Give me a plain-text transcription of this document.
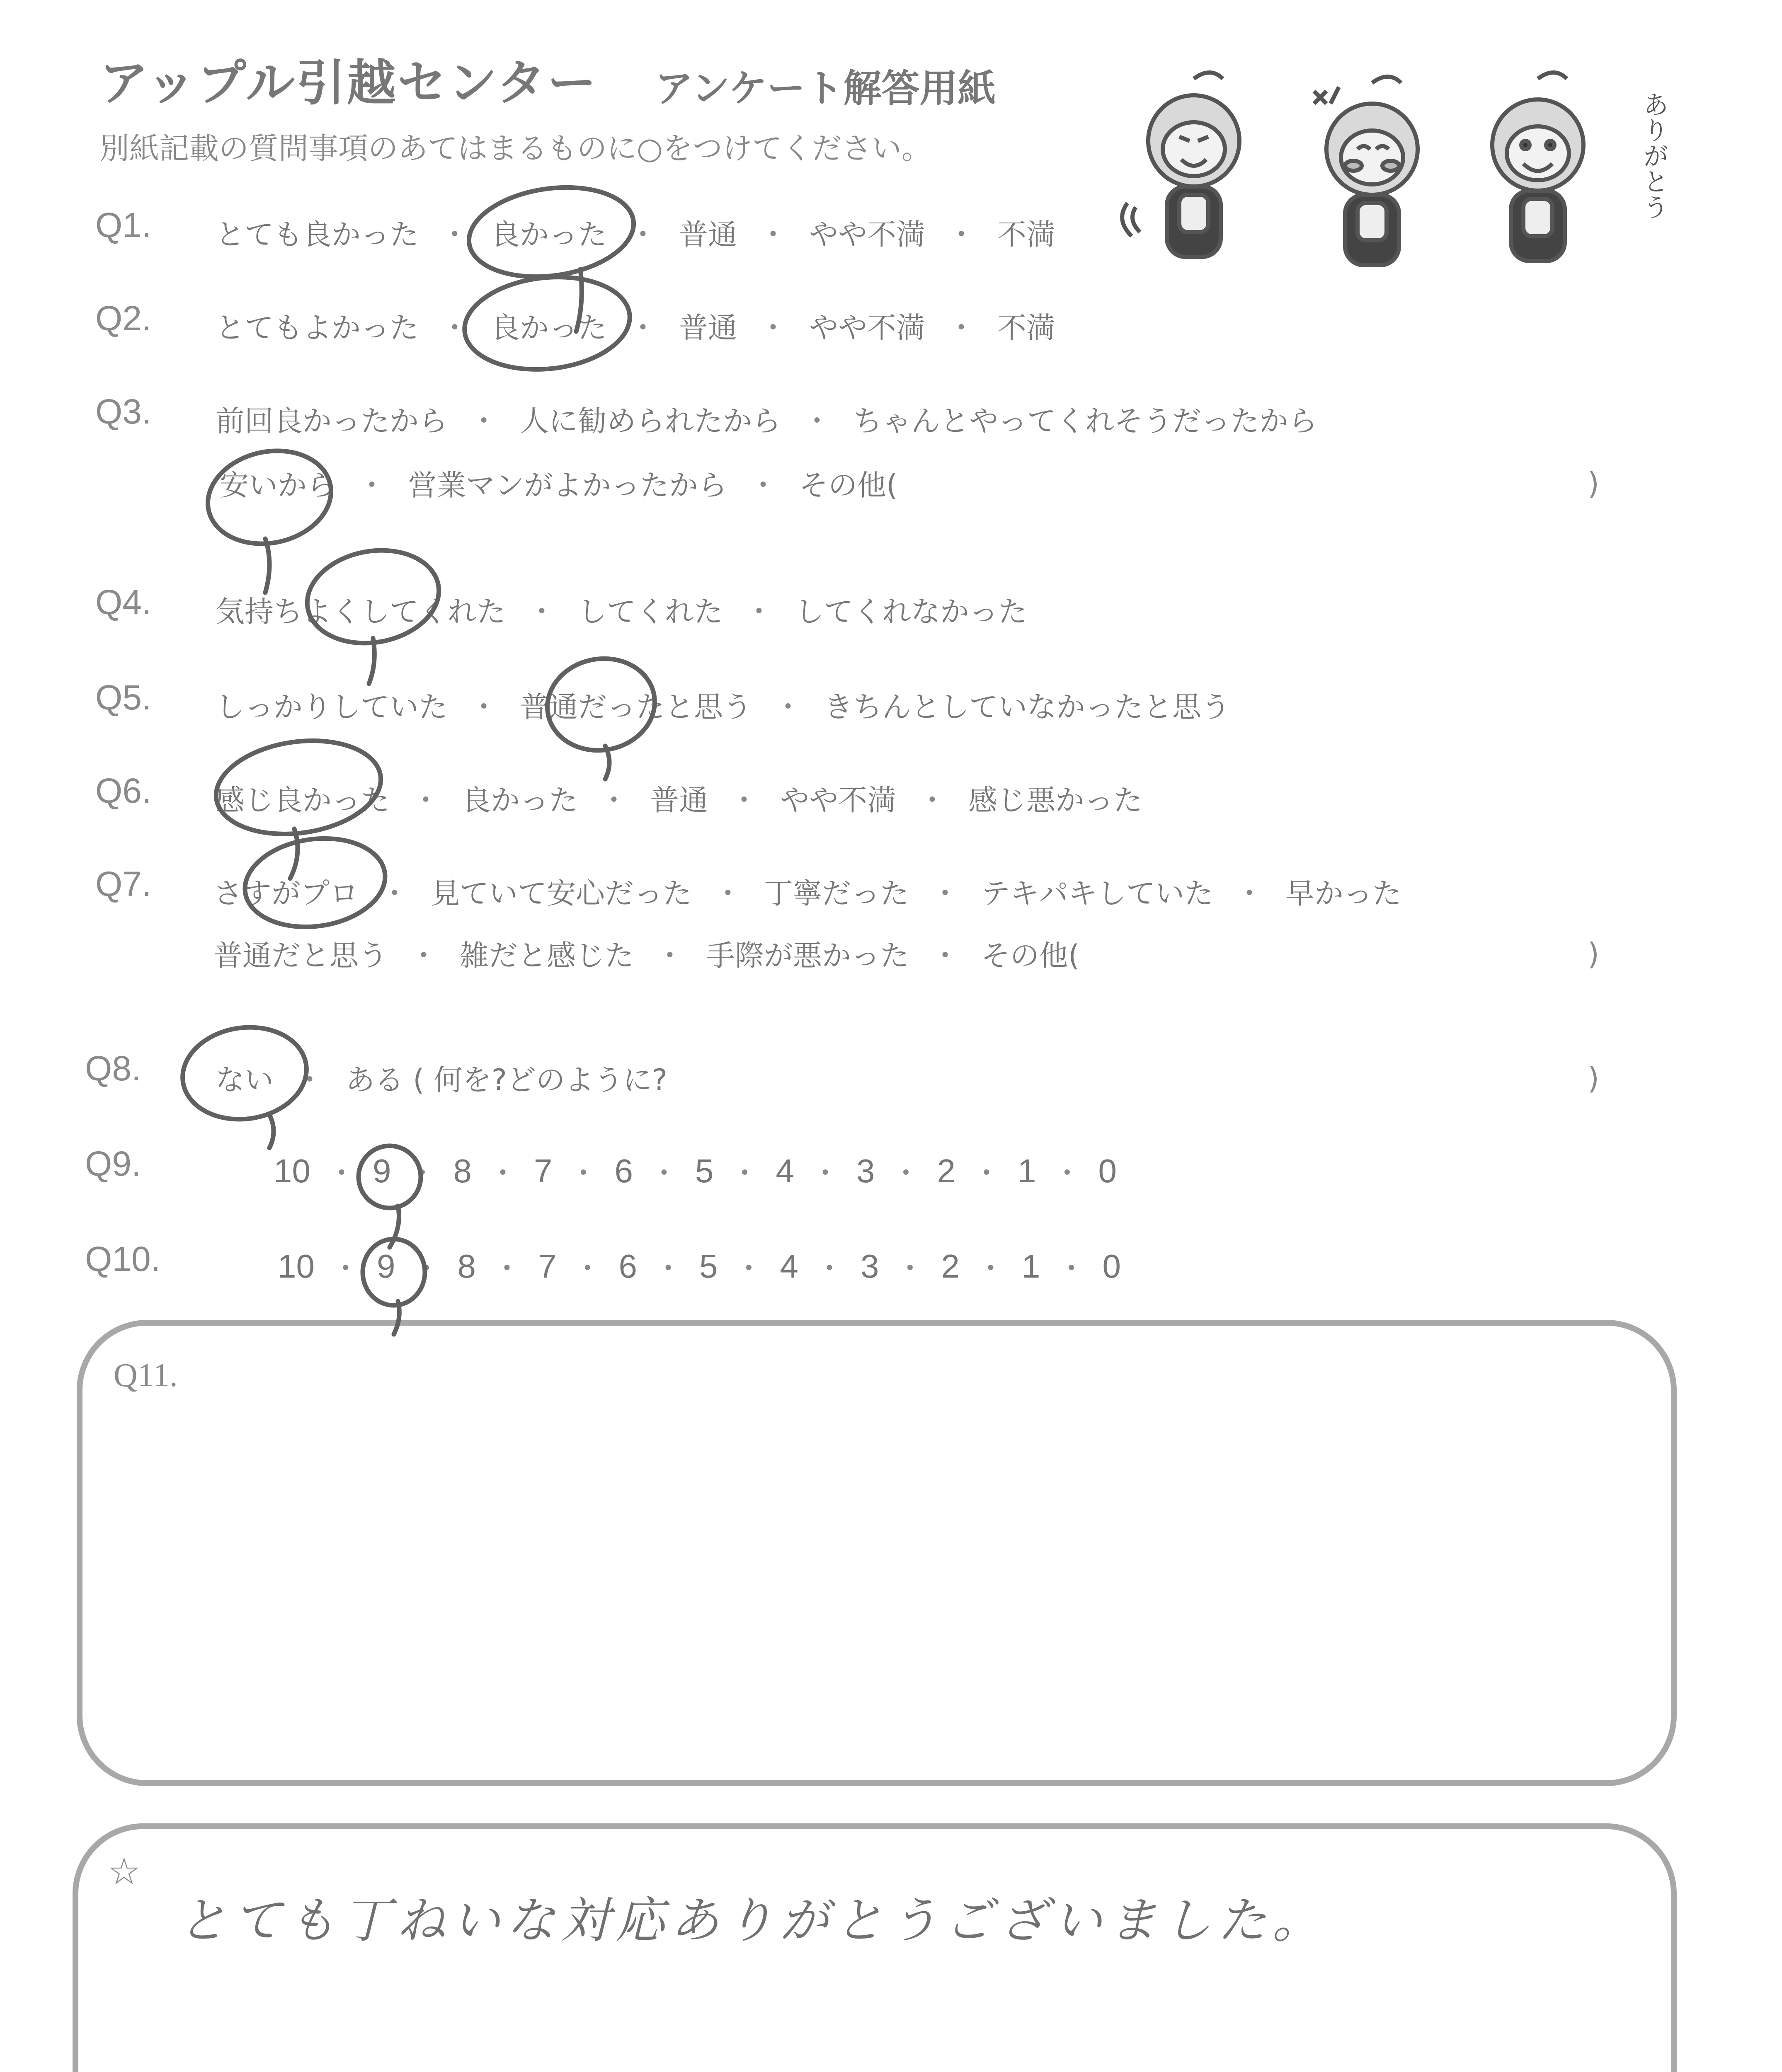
アップル引越センター アンケート解答用紙
別紙記載の質問事項のあてはまるものに○をつけてください。	ありがとう
Q1. とても良かった ・ 良かった ・ 普通 ・ やや不満 ・ 不満
Q2. とてもよかった ・ 良かった ・ 普通 ・ やや不満 ・ 不満
Q3. 前回良かったから ・ 人に勧められたから ・ ちゃんとやってくれそうだったから
安いから ・ 営業マンがよかったから ・ その他(	)
Q4. 気持ちよくしてくれた ・ してくれた ・ してくれなかった
Q5. しっかりしていた ・ 普通だったと思う ・ きちんとしていなかったと思う
Q6. 感じ良かった ・ 良かった ・ 普通 ・ やや不満 ・ 感じ悪かった
Q7. さすがプロ ・ 見ていて安心だった ・ 丁寧だった ・ テキパキしていた ・ 早かった
普通だと思う ・ 雑だと感じた ・ 手際が悪かった ・ その他(	)
Q8.	ない ・ ある ( 何を?どのように?	)
Q9.	10 ・ 9 ・ 8 ・ 7 ・ 6 ・ 5 ・ 4 ・ 3 ・ 2 ・ 1 ・ 0
Q10.	10 ・ 9 ・ 8 ・ 7 ・ 6 ・ 5 ・ 4 ・ 3 ・ 2 ・ 1 ・ 0
Q11.
☆
とても丁ねいな対応ありがとうございました。
